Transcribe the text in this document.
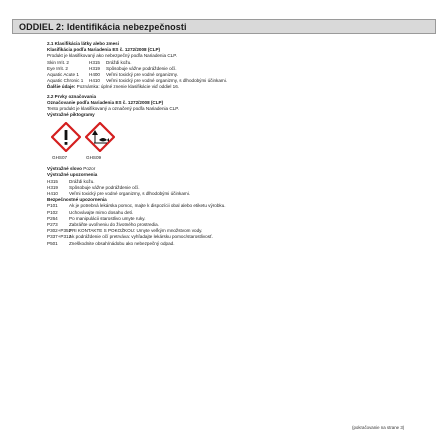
ODDIEL 2: Identifikácia nebezpečnosti
2.1 Klasifikácia látky alebo zmesi
Klasifikácia podľa Nariadenia ES č. 1272/2008 (CLP)
Produkt je klasifikovaný ako nebezpečný podľa Nariadenia CLP.
Skin Irrit. 2	H315 Dráždi kožu.
Eye Irrit. 2	H319 Spôsobuje vážne podráždenie očí.
Aquatic Acute 1 H400 Veľmi toxický pre vodné organizmy.
Aquatic Chronic 1 H410 Veľmi toxický pre vodné organizmy, s dlhodobými účinkami.
Ďalšie údaje: Poznámka: úplné znenie klasifikácie viď oddiel 16.
2.2 Prvky označovania
Označovanie podľa Nariadenia ES č. 1272/2008 (CLP)
Tento produkt je klasifikovaný a označený podľa Nariadenia CLP.
Výstražné piktogramy
GHS07	GHS09
Výstražné slovo Pozor
Výstražné upozornenia
H315 Dráždi kožu.
H319 Spôsobuje vážne podráždenie očí.
H410 Veľmi toxický pre vodné organizmy, s dlhodobými účinkami.
Bezpečnostné upozornenia
P101 Ak je potrebná lekárska pomoc, majte k dispozícii obal alebo etiketu výrobku.
P102 Uchovávajte mimo dosahu detí.
P264 Po manipulácii starostlivo umyte ruky.
P273 Zabráňte uvoľneniu do životného prostredia.
P302+P352PRI KONTAKTE S POKOŽKOU: Umyte veľkým množstvom vody.
P337+P313Ak podráždenie očí pretrváva: vyhľadajte lekársku pomoc/starostlivosť.
P501 Zneškodnite obsah/nádobu ako nebezpečný odpad.
(pokračovanie na strane 3)
